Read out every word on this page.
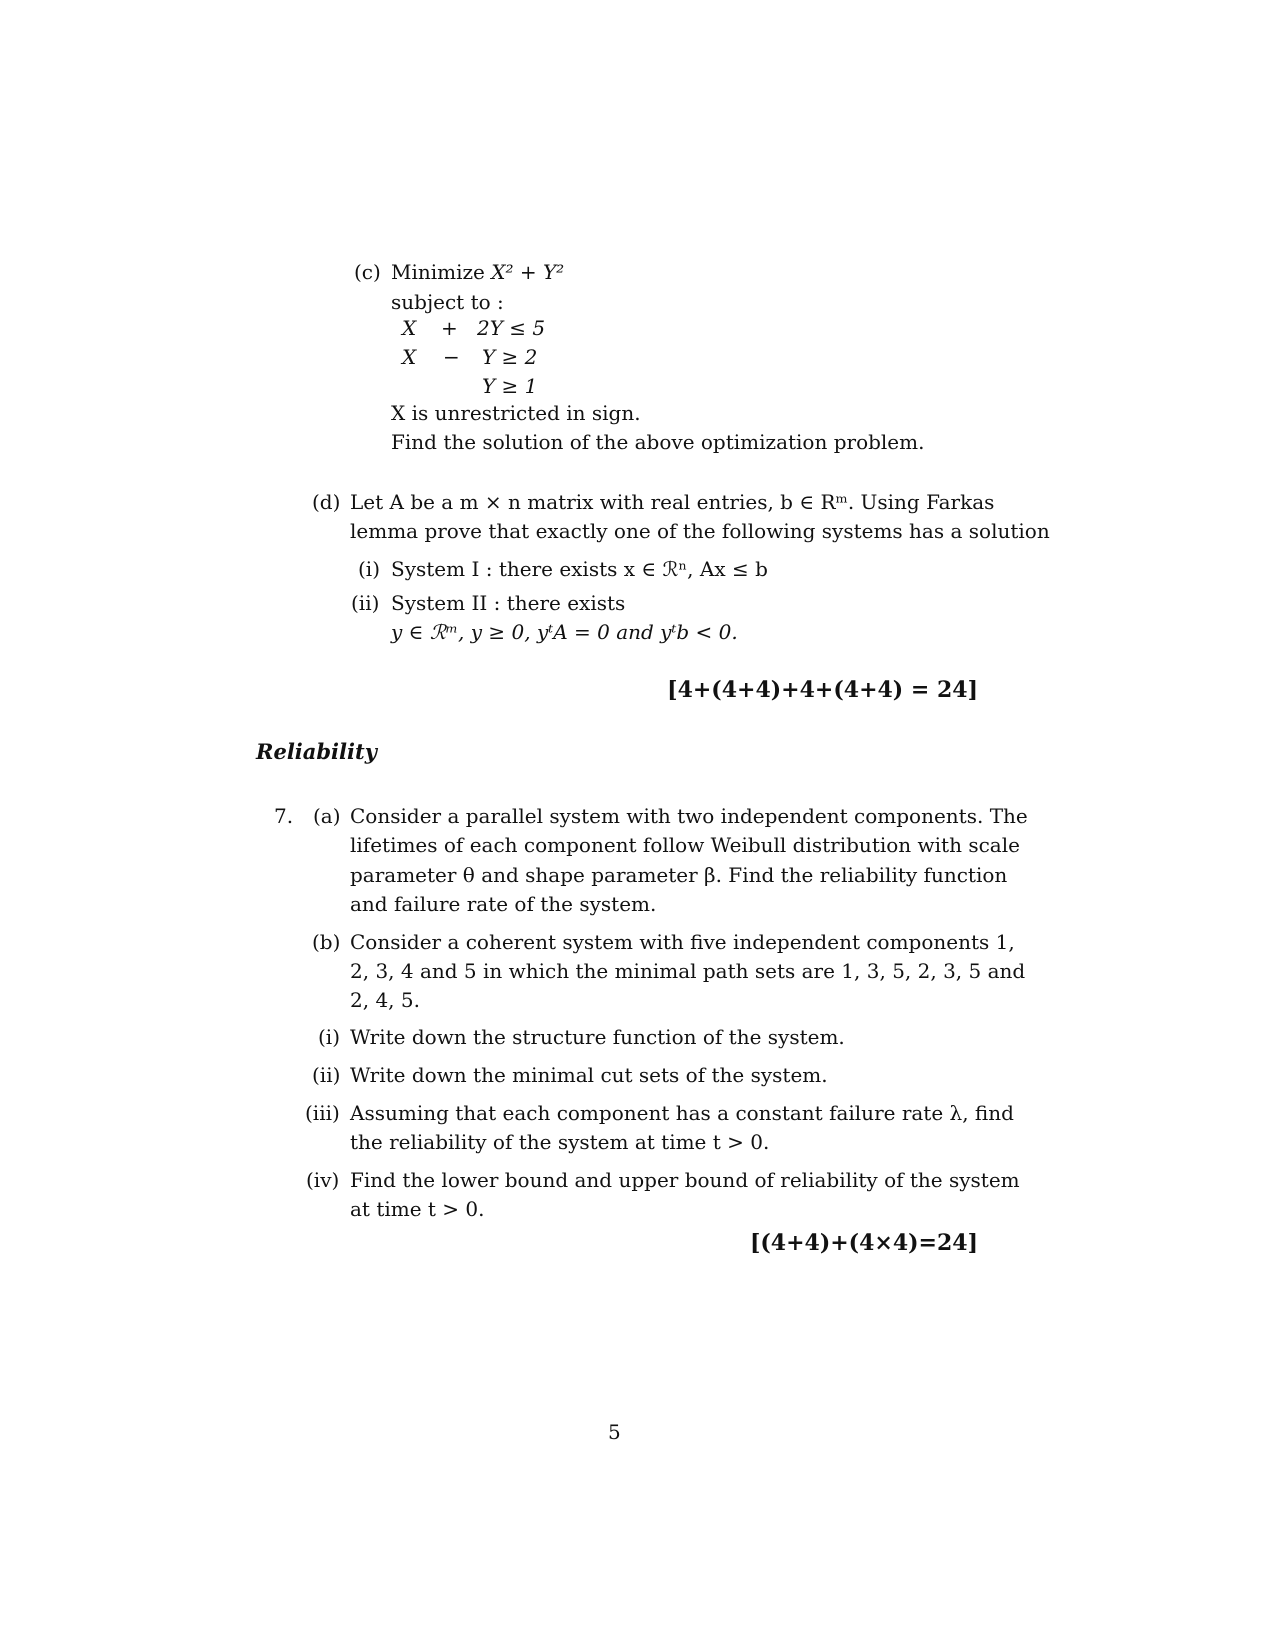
(c) Minimize X² + Y²
subject to :
X + 2Y ≤ 5
X − Y ≥ 2
Y ≥ 1
X is unrestricted in sign.
Find the solution of the above optimization problem.
(d) Let A be a m × n matrix with real entries, b ∈ Rᵐ. Using Farkas
lemma prove that exactly one of the following systems has a solution
(i) System I : there exists x ∈ ℛⁿ, Ax ≤ b
(ii) System II : there exists
y ∈ ℛᵐ, y ≥ 0, yᵗA = 0 and yᵗb < 0.
[4+(4+4)+4+(4+4) = 24]
Reliability
7. (a) Consider a parallel system with two independent components. The
lifetimes of each component follow Weibull distribution with scale
parameter θ and shape parameter β. Find the reliability function
and failure rate of the system.
(b) Consider a coherent system with five independent components 1,
2, 3, 4 and 5 in which the minimal path sets are 1, 3, 5, 2, 3, 5 and
2, 4, 5.
(i) Write down the structure function of the system.
(ii) Write down the minimal cut sets of the system.
(iii) Assuming that each component has a constant failure rate λ, find
the reliability of the system at time t > 0.
(iv) Find the lower bound and upper bound of reliability of the system
at time t > 0.
[(4+4)+(4×4)=24]
5
